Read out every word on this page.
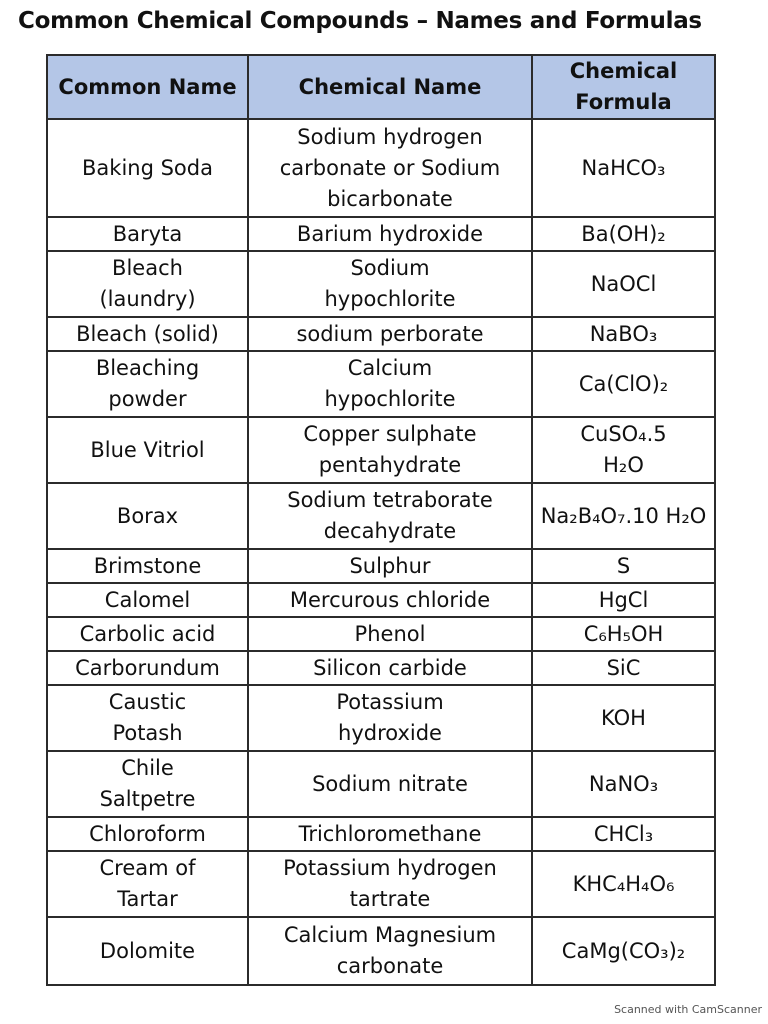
Common Chemical Compounds – Names and Formulas
Common Name	Chemical Name	Chemical Formula
Baking Soda	Sodium hydrogen carbonate or Sodium bicarbonate	NaHCO₃
Baryta	Barium hydroxide	Ba(OH)₂
Bleach (laundry)	Sodium hypochlorite	NaOCl
Bleach (solid)	sodium perborate	NaBO₃
Bleaching powder	Calcium hypochlorite	Ca(ClO)₂
Blue Vitriol	Copper sulphate pentahydrate	CuSO₄.5 H₂O
Borax	Sodium tetraborate decahydrate	Na₂B₄O₇.10 H₂O
Brimstone	Sulphur	S
Calomel	Mercurous chloride	HgCl
Carbolic acid	Phenol	C₆H₅OH
Carborundum	Silicon carbide	SiC
Caustic Potash	Potassium hydroxide	KOH
Chile Saltpetre	Sodium nitrate	NaNO₃
Chloroform	Trichloromethane	CHCl₃
Cream of Tartar	Potassium hydrogen tartrate	KHC₄H₄O₆
Dolomite	Calcium Magnesium carbonate	CaMg(CO₃)₂
Scanned with CamScanner
